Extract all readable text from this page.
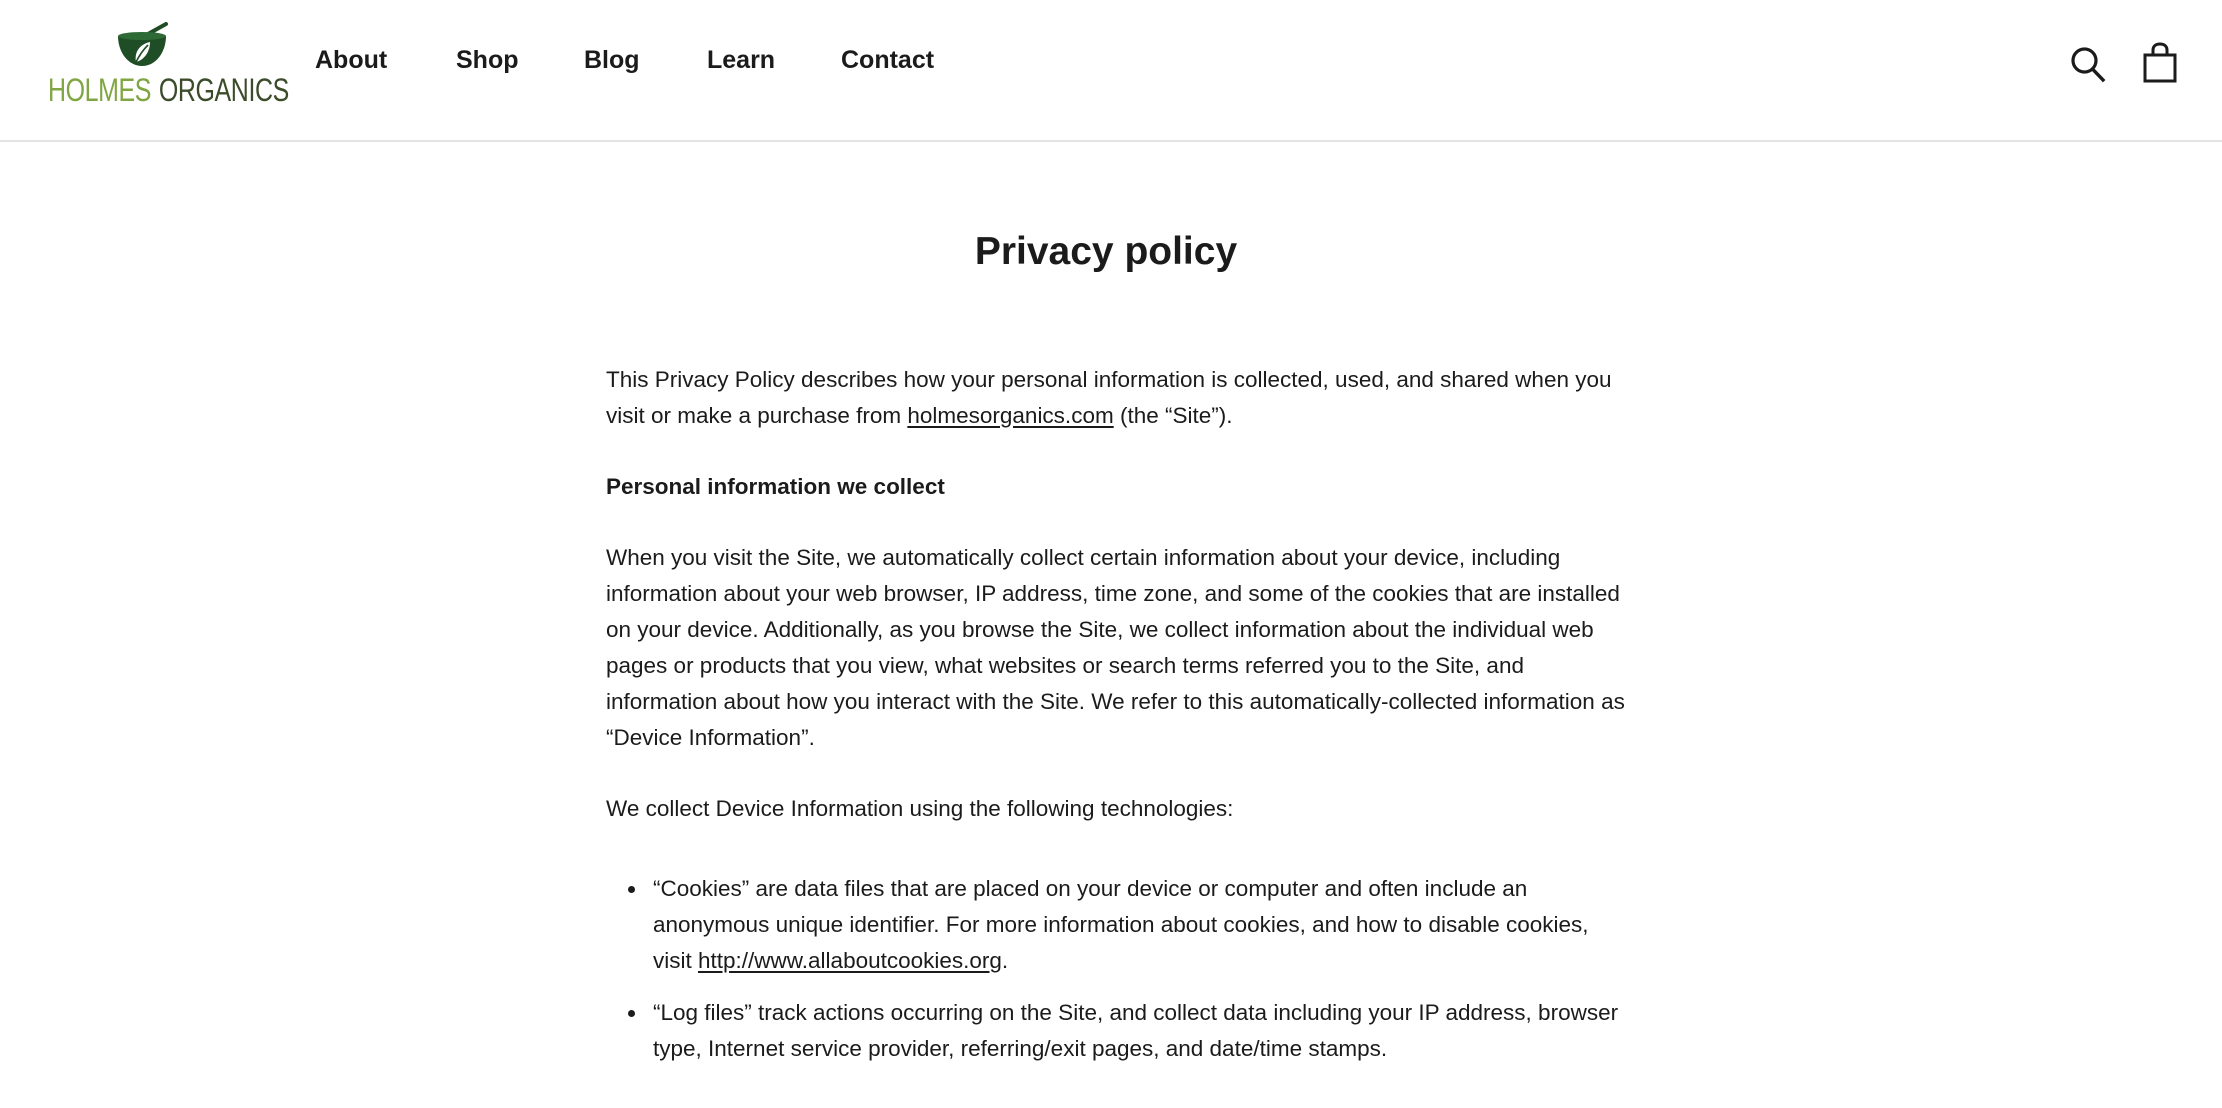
HOLMES ORGANICS
About	Shop	Blog	Learn	Contact
Privacy policy

This Privacy Policy describes how your personal information is collected, used, and shared when you visit or make a purchase from holmesorganics.com (the “Site”).

Personal information we collect

When you visit the Site, we automatically collect certain information about your device, including information about your web browser, IP address, time zone, and some of the cookies that are installed on your device. Additionally, as you browse the Site, we collect information about the individual web pages or products that you view, what websites or search terms referred you to the Site, and information about how you interact with the Site. We refer to this automatically-collected information as “Device Information”.

We collect Device Information using the following technologies:

“Cookies” are data files that are placed on your device or computer and often include an anonymous unique identifier. For more information about cookies, and how to disable cookies, visit http://www.allaboutcookies.org.
“Log files” track actions occurring on the Site, and collect data including your IP address, browser type, Internet service provider, referring/exit pages, and date/time stamps.
